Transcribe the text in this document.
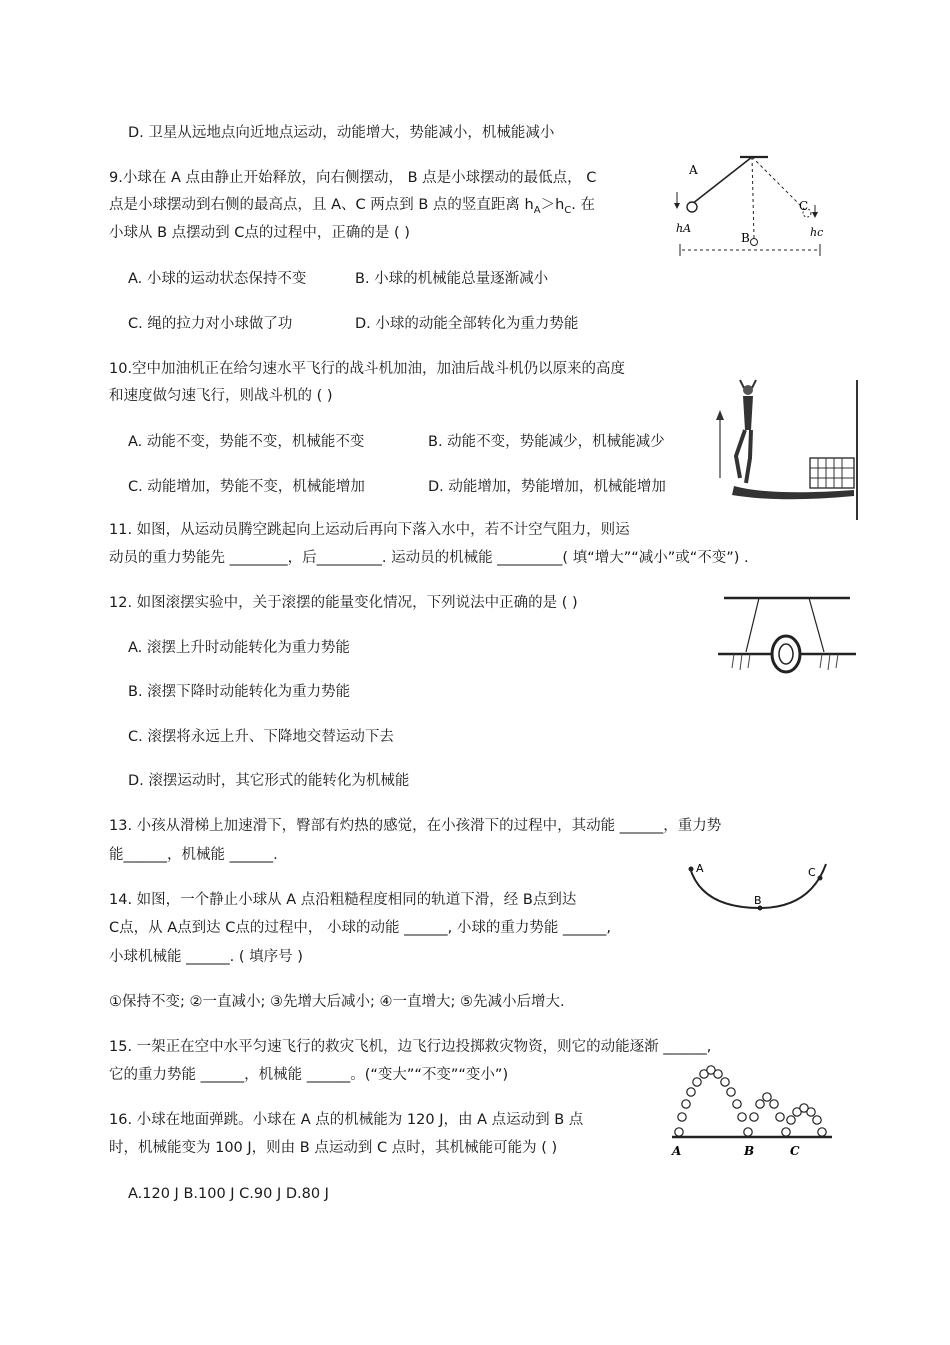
D. 卫星从远地点向近地点运动，动能增大，势能减小，机械能减小
9.小球在 A 点由静止开始释放，向右侧摆动， B 点是小球摆动的最低点， C
点是小球摆动到右侧的最高点，且 A、C 两点到 B 点的竖直距离 $h_A>h_C$. 在
小球从 B 点摆动到 C点的过程中，正确的是 ( )
A. 小球的运动状态保持不变	B. 小球的机械能总量逐渐减小
C. 绳的拉力对小球做了功	D. 小球的动能全部转化为重力势能
A
B
C
hA	hc
10.空中加油机正在给匀速水平飞行的战斗机加油，加油后战斗机仍以原来的高度
和速度做匀速飞行，则战斗机的 ( )
A. 动能不变，势能不变，机械能不变	B. 动能不变，势能减少，机械能减少
C. 动能增加，势能不变，机械能增加	D. 动能增加，势能增加，机械能增加
11. 如图，从运动员腾空跳起向上运动后再向下落入水中，若不计空气阻力，则运
动员的重力势能先 ________，后_________. 运动员的机械能 _________( 填“增大”“减小”或“不变”) .
12. 如图滚摆实验中，关于滚摆的能量变化情况，下列说法中正确的是 ( )
A. 滚摆上升时动能转化为重力势能
B. 滚摆下降时动能转化为重力势能
C. 滚摆将永远上升、下降地交替运动下去
D. 滚摆运动时，其它形式的能转化为机械能
13. 小孩从滑梯上加速滑下，臀部有灼热的感觉，在小孩滑下的过程中，其动能 ______，重力势
能______，机械能 ______.
14. 如图，一个静止小球从 A 点沿粗糙程度相同的轨道下滑，经 B点到达
C点，从 A点到达 C点的过程中， 小球的动能 ______, 小球的重力势能 ______,
小球机械能 ______. ( 填序号 )
①保持不变; ②一直减小; ③先增大后减小; ④一直增大; ⑤先减小后增大.
A
B
C
15. 一架正在空中水平匀速飞行的救灾飞机，边飞行边投掷救灾物资，则它的动能逐渐 ______,
它的重力势能 ______，机械能 ______。(“变大”“不变”“变小”)
16. 小球在地面弹跳。小球在 A 点的机械能为 120 J，由 A 点运动到 B 点
时，机械能变为 100 J，则由 B 点运动到 C 点时，其机械能可能为 ( )
A.120 J B.100 J C.90 J D.80 J
A	B	C
